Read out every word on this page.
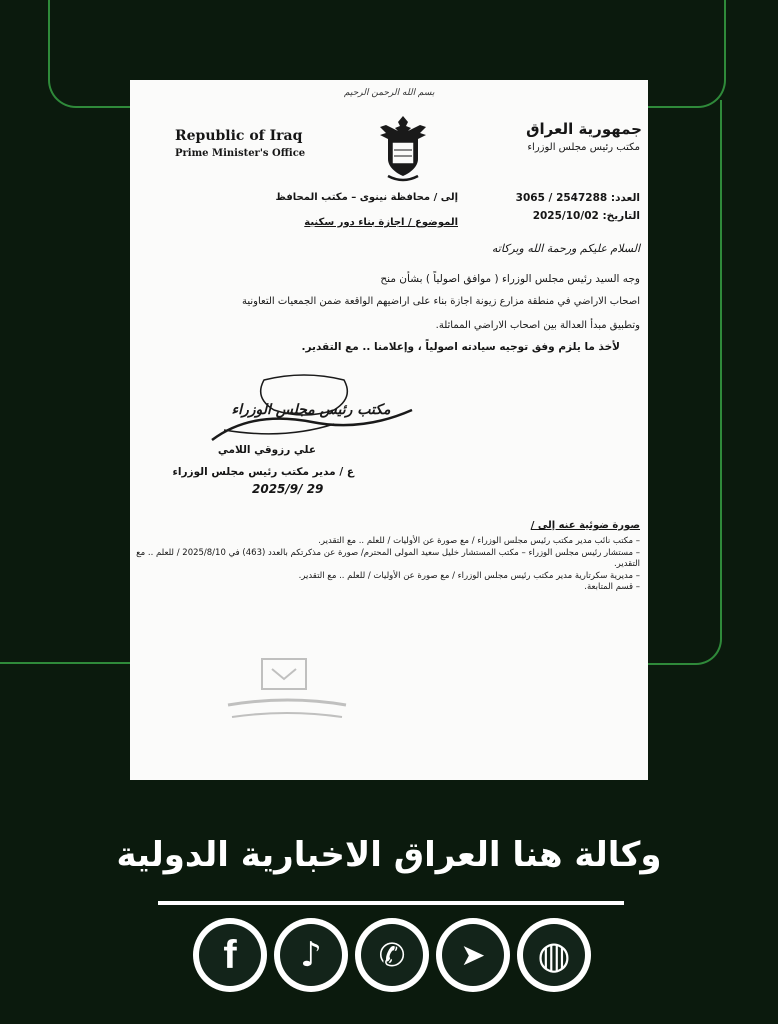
بسم الله الرحمن الرحيم
Republic of Iraq
Prime Minister's Office
جمهورية العراق
مكتب رئيس مجلس الوزراء
العدد: 2547288 / 3065
إلى / محافظة نينوى – مكتب المحافظ
التاريخ: 2025/10/02
الموضوع / اجازة بناء دور سكنية
السلام عليكم ورحمة الله وبركاته
وجه السيد رئيس مجلس الوزراء ( موافق اصولياً ) بشأن منح
اصحاب الاراضي في منطقة مزارع زيونة اجازة بناء على اراضيهم الواقعة ضمن الجمعيات التعاونية
وتطبيق مبدأ العدالة بين اصحاب الاراضي المماثلة.
لأخذ ما يلزم وفق توجيه سيادته اصولياً ، وإعلامنا .. مع التقدير.
مكتب رئيس مجلس الوزراء
علي رزوقي اللامي
ع / مدير مكتب رئيس مجلس الوزراء
2025/9/ 29
صورة ضوئية عنه إلى /
– مكتب نائب مدير مكتب رئيس مجلس الوزراء / مع صورة عن الأوليات / للعلم .. مع التقدير.
– مستشار رئيس مجلس الوزراء – مكتب المستشار خليل سعيد المولى المحترم/ صورة عن مذكرتكم بالعدد (463) في 2025/8/10 / للعلم .. مع التقدير.
– مديرية سكرتارية مدير مكتب رئيس مجلس الوزراء / مع صورة عن الأوليات / للعلم .. مع التقدير.
– قسم المتابعة.
وكالة هنا العراق الاخبارية الدولية
f	♪	✆	➤	◍
